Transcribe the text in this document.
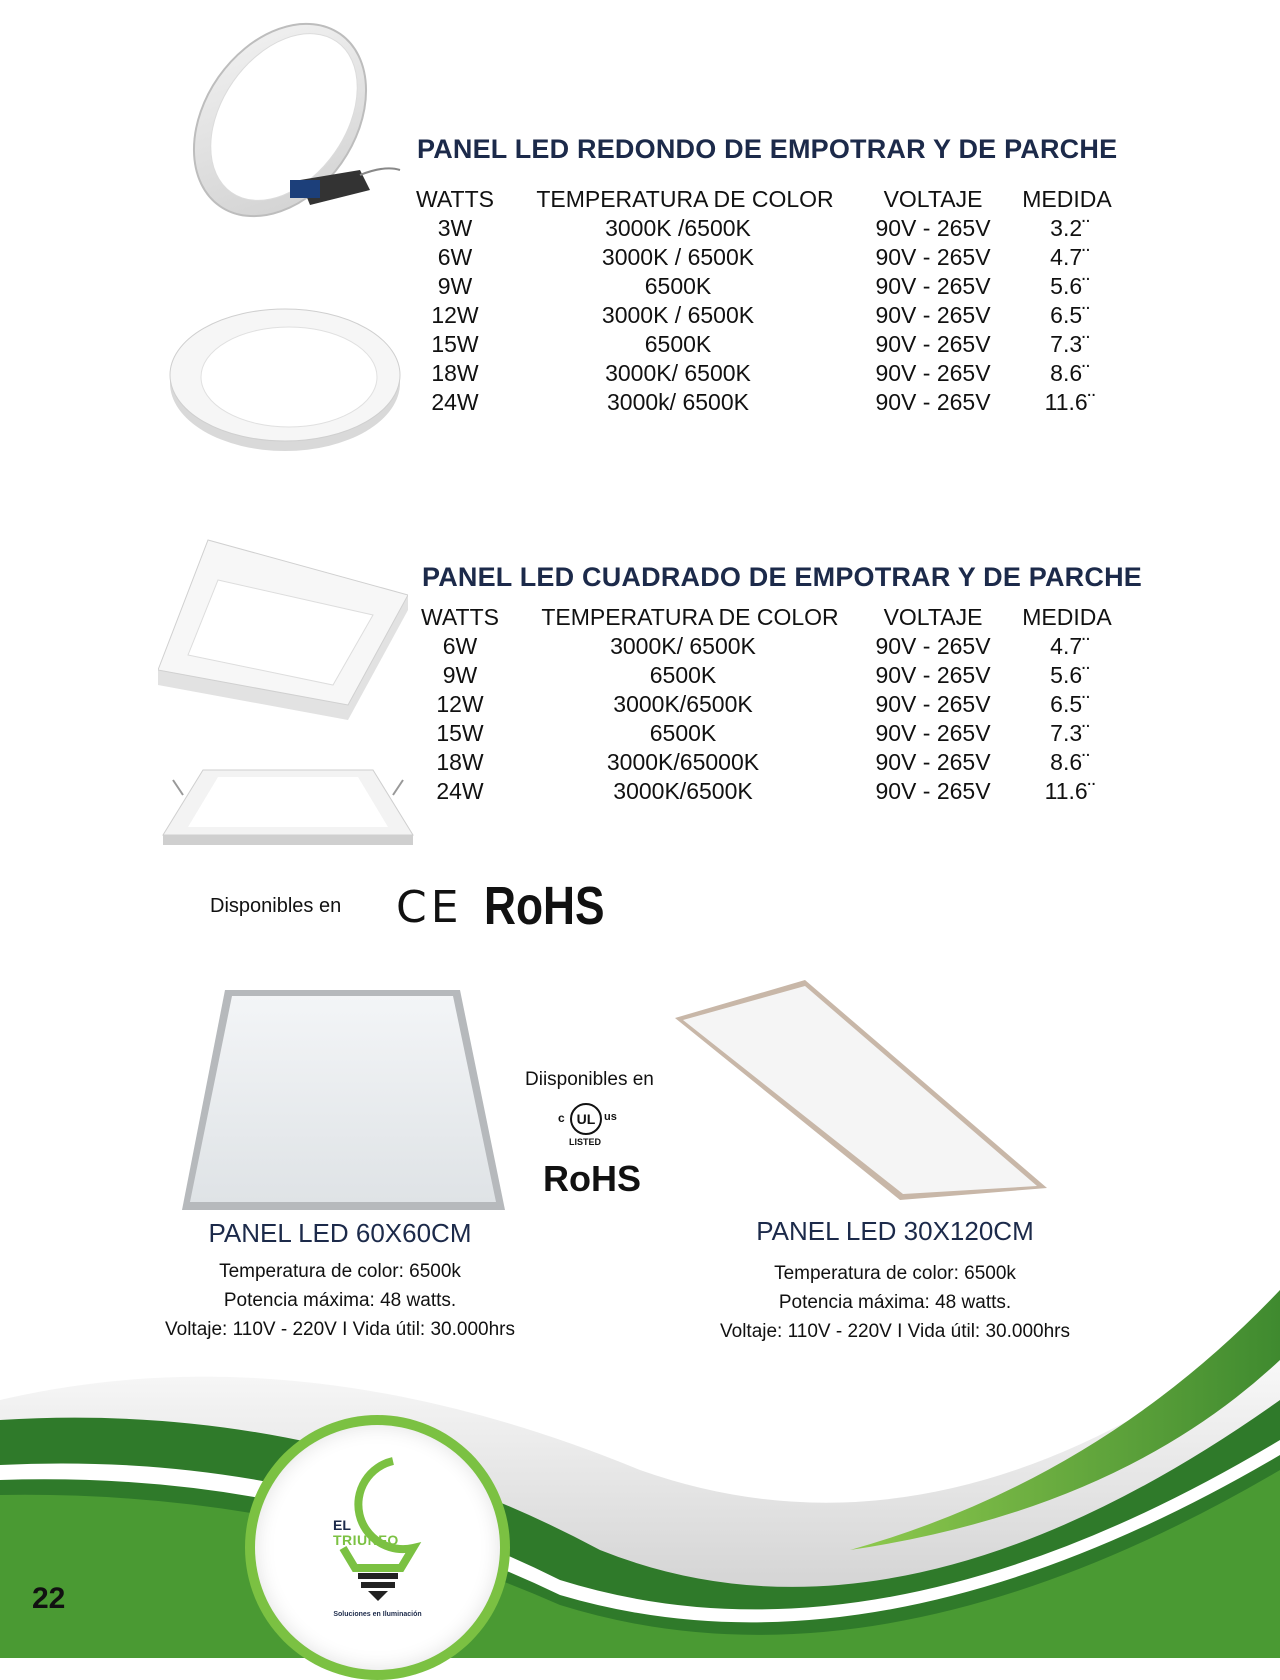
PANEL LED REDONDO DE EMPOTRAR Y DE PARCHE
WATTS	TEMPERATURA DE COLOR	VOLTAJE	MEDIDA
3W	3000K /6500K	90V - 265V	3.2¨
6W	3000K / 6500K	90V - 265V	4.7¨
9W	6500K	90V - 265V	5.6¨
12W	3000K / 6500K	90V - 265V	6.5¨
15W	6500K	90V - 265V	7.3¨
18W	3000K/ 6500K	90V - 265V	8.6¨
24W	3000k/ 6500K	90V - 265V	11.6¨
PANEL LED CUADRADO DE EMPOTRAR Y DE PARCHE
WATTS	TEMPERATURA DE COLOR	VOLTAJE	MEDIDA
6W	3000K/ 6500K	90V - 265V	4.7¨
9W	6500K	90V - 265V	5.6¨
12W	3000K/6500K	90V - 265V	6.5¨
15W	6500K	90V - 265V	7.3¨
18W	3000K/65000K	90V - 265V	8.6¨
24W	3000K/6500K	90V - 265V	11.6¨
Disponibles en CE RoHS
Diisponibles en
c UL us
LISTED
RoHS
PANEL LED 60X60CM
Temperatura de color: 6500k
Potencia máxima: 48 watts.
Voltaje: 110V - 220V I Vida útil: 30.000hrs
PANEL LED 30X120CM
Temperatura de color: 6500k
Potencia máxima: 48 watts.
Voltaje: 110V - 220V I Vida útil: 30.000hrs
EL
TRIUNFO
Soluciones en Iluminación
22
